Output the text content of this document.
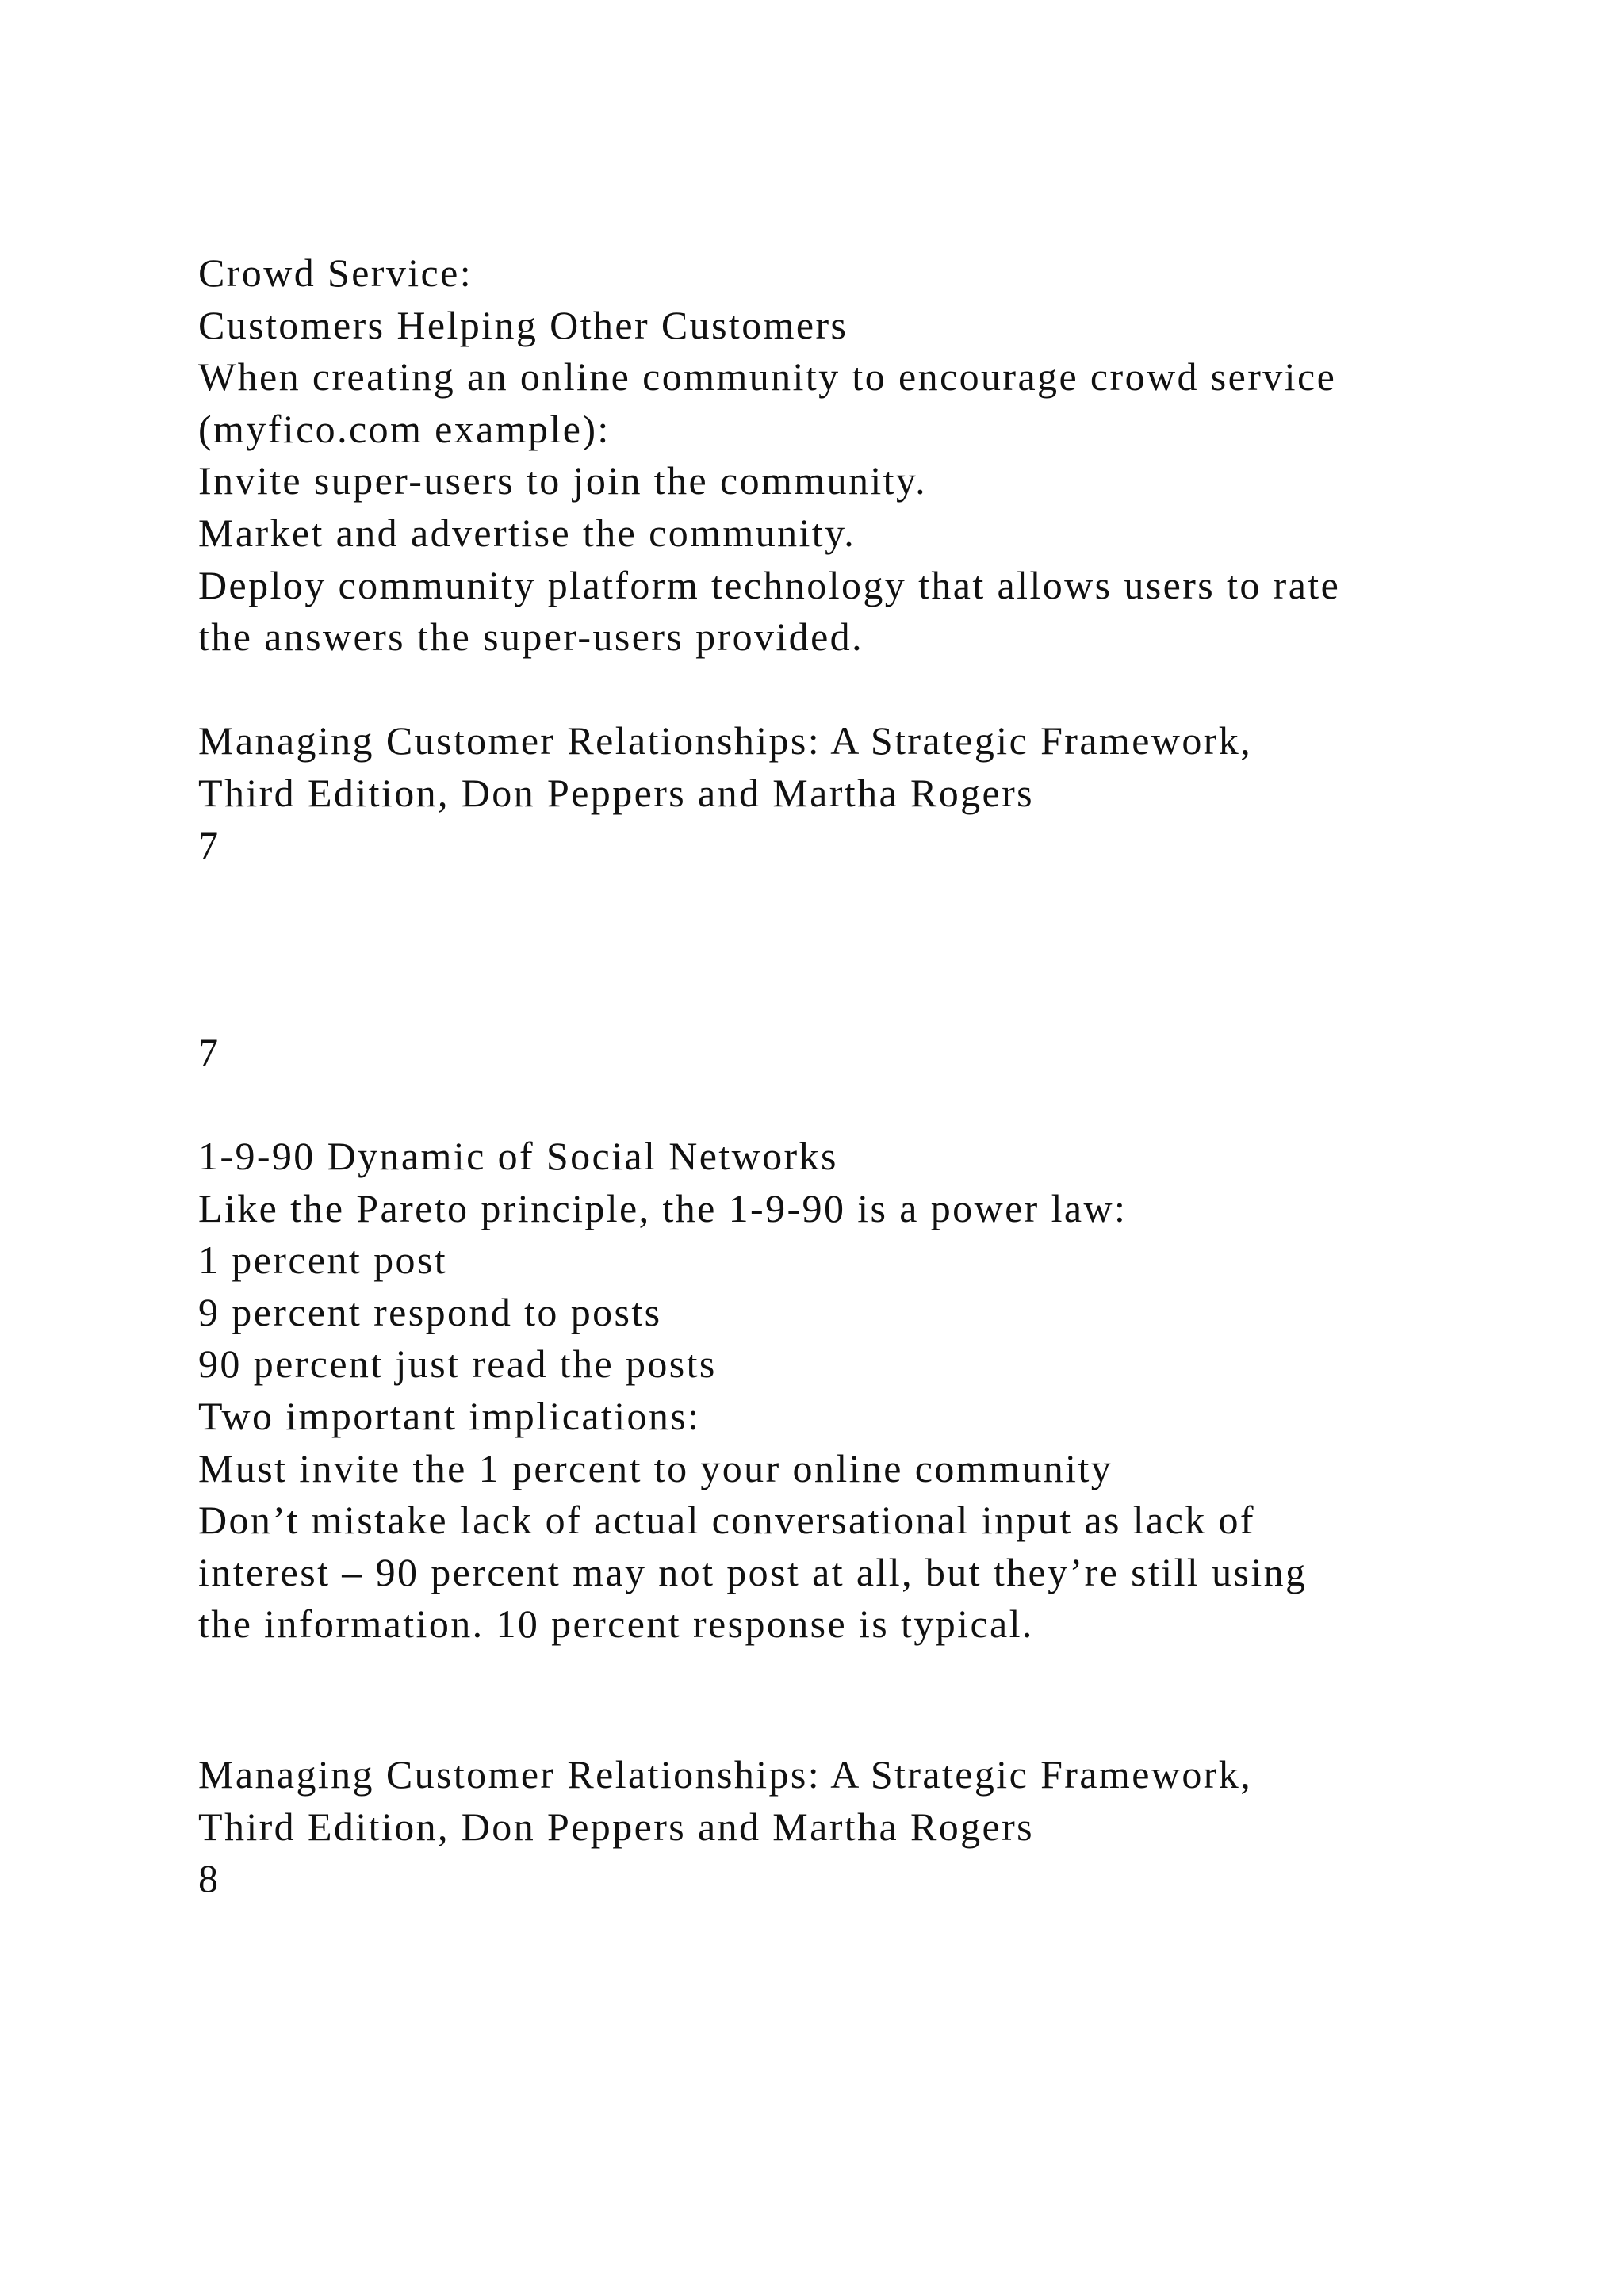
Crowd Service:
Customers Helping Other Customers
When creating an online community to encourage crowd service
(myfico.com example):
Invite super-users to join the community.
Market and advertise the community.
Deploy community platform technology that allows users to rate
the answers the super-users provided.
Managing Customer Relationships: A Strategic Framework,
Third Edition, Don Peppers and Martha Rogers
7
7
1-9-90 Dynamic of Social Networks
Like the Pareto principle, the 1-9-90 is a power law:
1 percent post
9 percent respond to posts
90 percent just read the posts
Two important implications:
Must invite the 1 percent to your online community
Don’t mistake lack of actual conversational input as lack of
interest – 90 percent may not post at all, but they’re still using
the information. 10 percent response is typical.
Managing Customer Relationships: A Strategic Framework,
Third Edition, Don Peppers and Martha Rogers
8
